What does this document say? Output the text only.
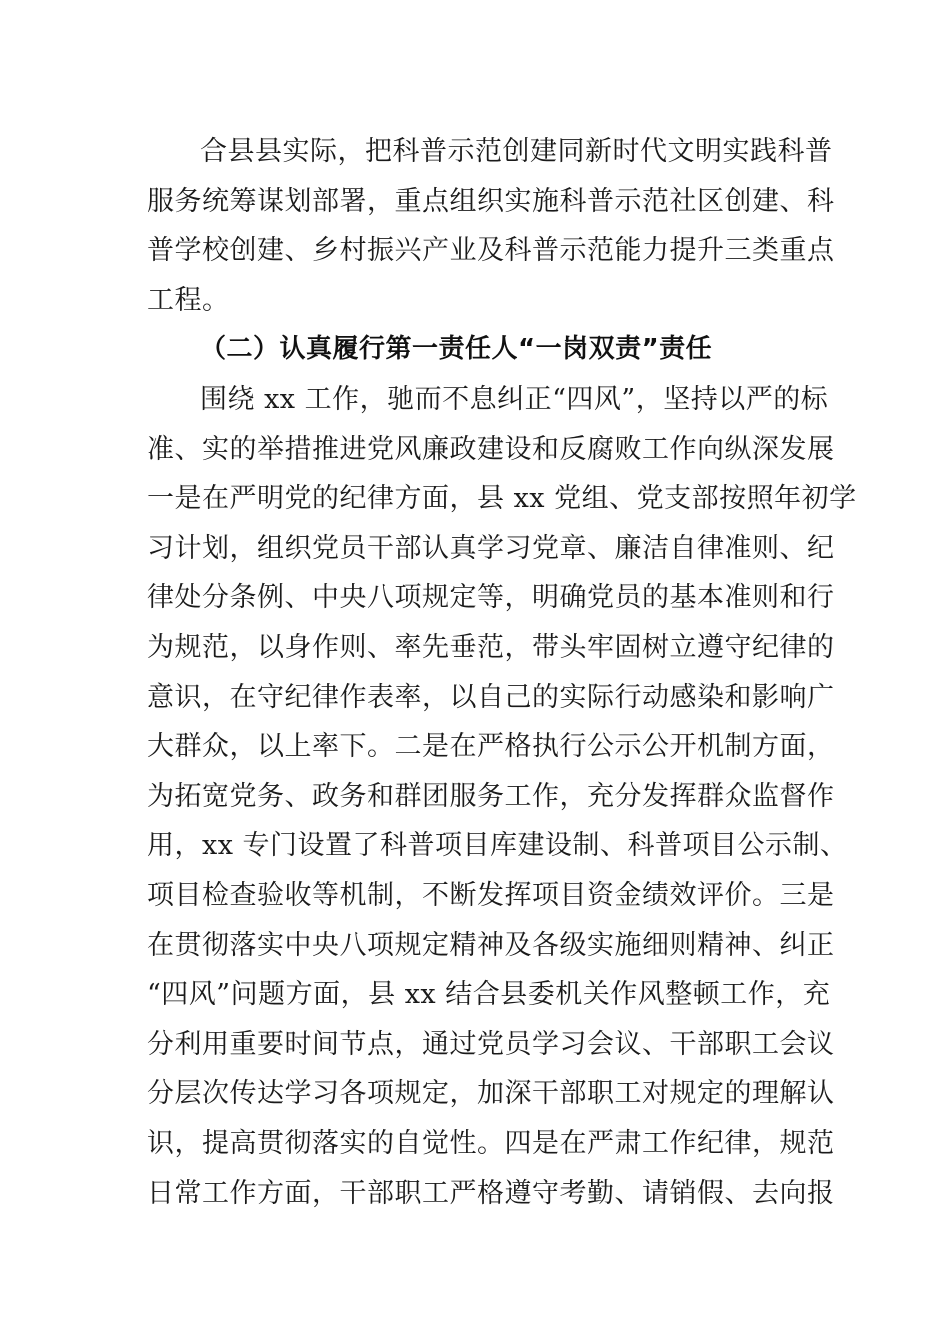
合县县实际，把科普示范创建同新时代文明实践科普
服务统筹谋划部署，重点组织实施科普示范社区创建、科
普学校创建、乡村振兴产业及科普示范能力提升三类重点
工程。
（二）认真履行第一责任人“一岗双责”责任
围绕 xx 工作，驰而不息纠正“四风”，坚持以严的标
准、实的举措推进党风廉政建设和反腐败工作向纵深发展
一是在严明党的纪律方面，县 xx 党组、党支部按照年初学
习计划，组织党员干部认真学习党章、廉洁自律准则、纪
律处分条例、中央八项规定等，明确党员的基本准则和行
为规范，以身作则、率先垂范，带头牢固树立遵守纪律的
意识，在守纪律作表率，以自己的实际行动感染和影响广
大群众，以上率下。二是在严格执行公示公开机制方面，
为拓宽党务、政务和群团服务工作，充分发挥群众监督作
用，xx 专门设置了科普项目库建设制、科普项目公示制、
项目检查验收等机制，不断发挥项目资金绩效评价。三是
在贯彻落实中央八项规定精神及各级实施细则精神、纠正
“四风”问题方面，县 xx 结合县委机关作风整顿工作，充
分利用重要时间节点，通过党员学习会议、干部职工会议
分层次传达学习各项规定，加深干部职工对规定的理解认
识，提高贯彻落实的自觉性。四是在严肃工作纪律，规范
日常工作方面，干部职工严格遵守考勤、请销假、去向报
